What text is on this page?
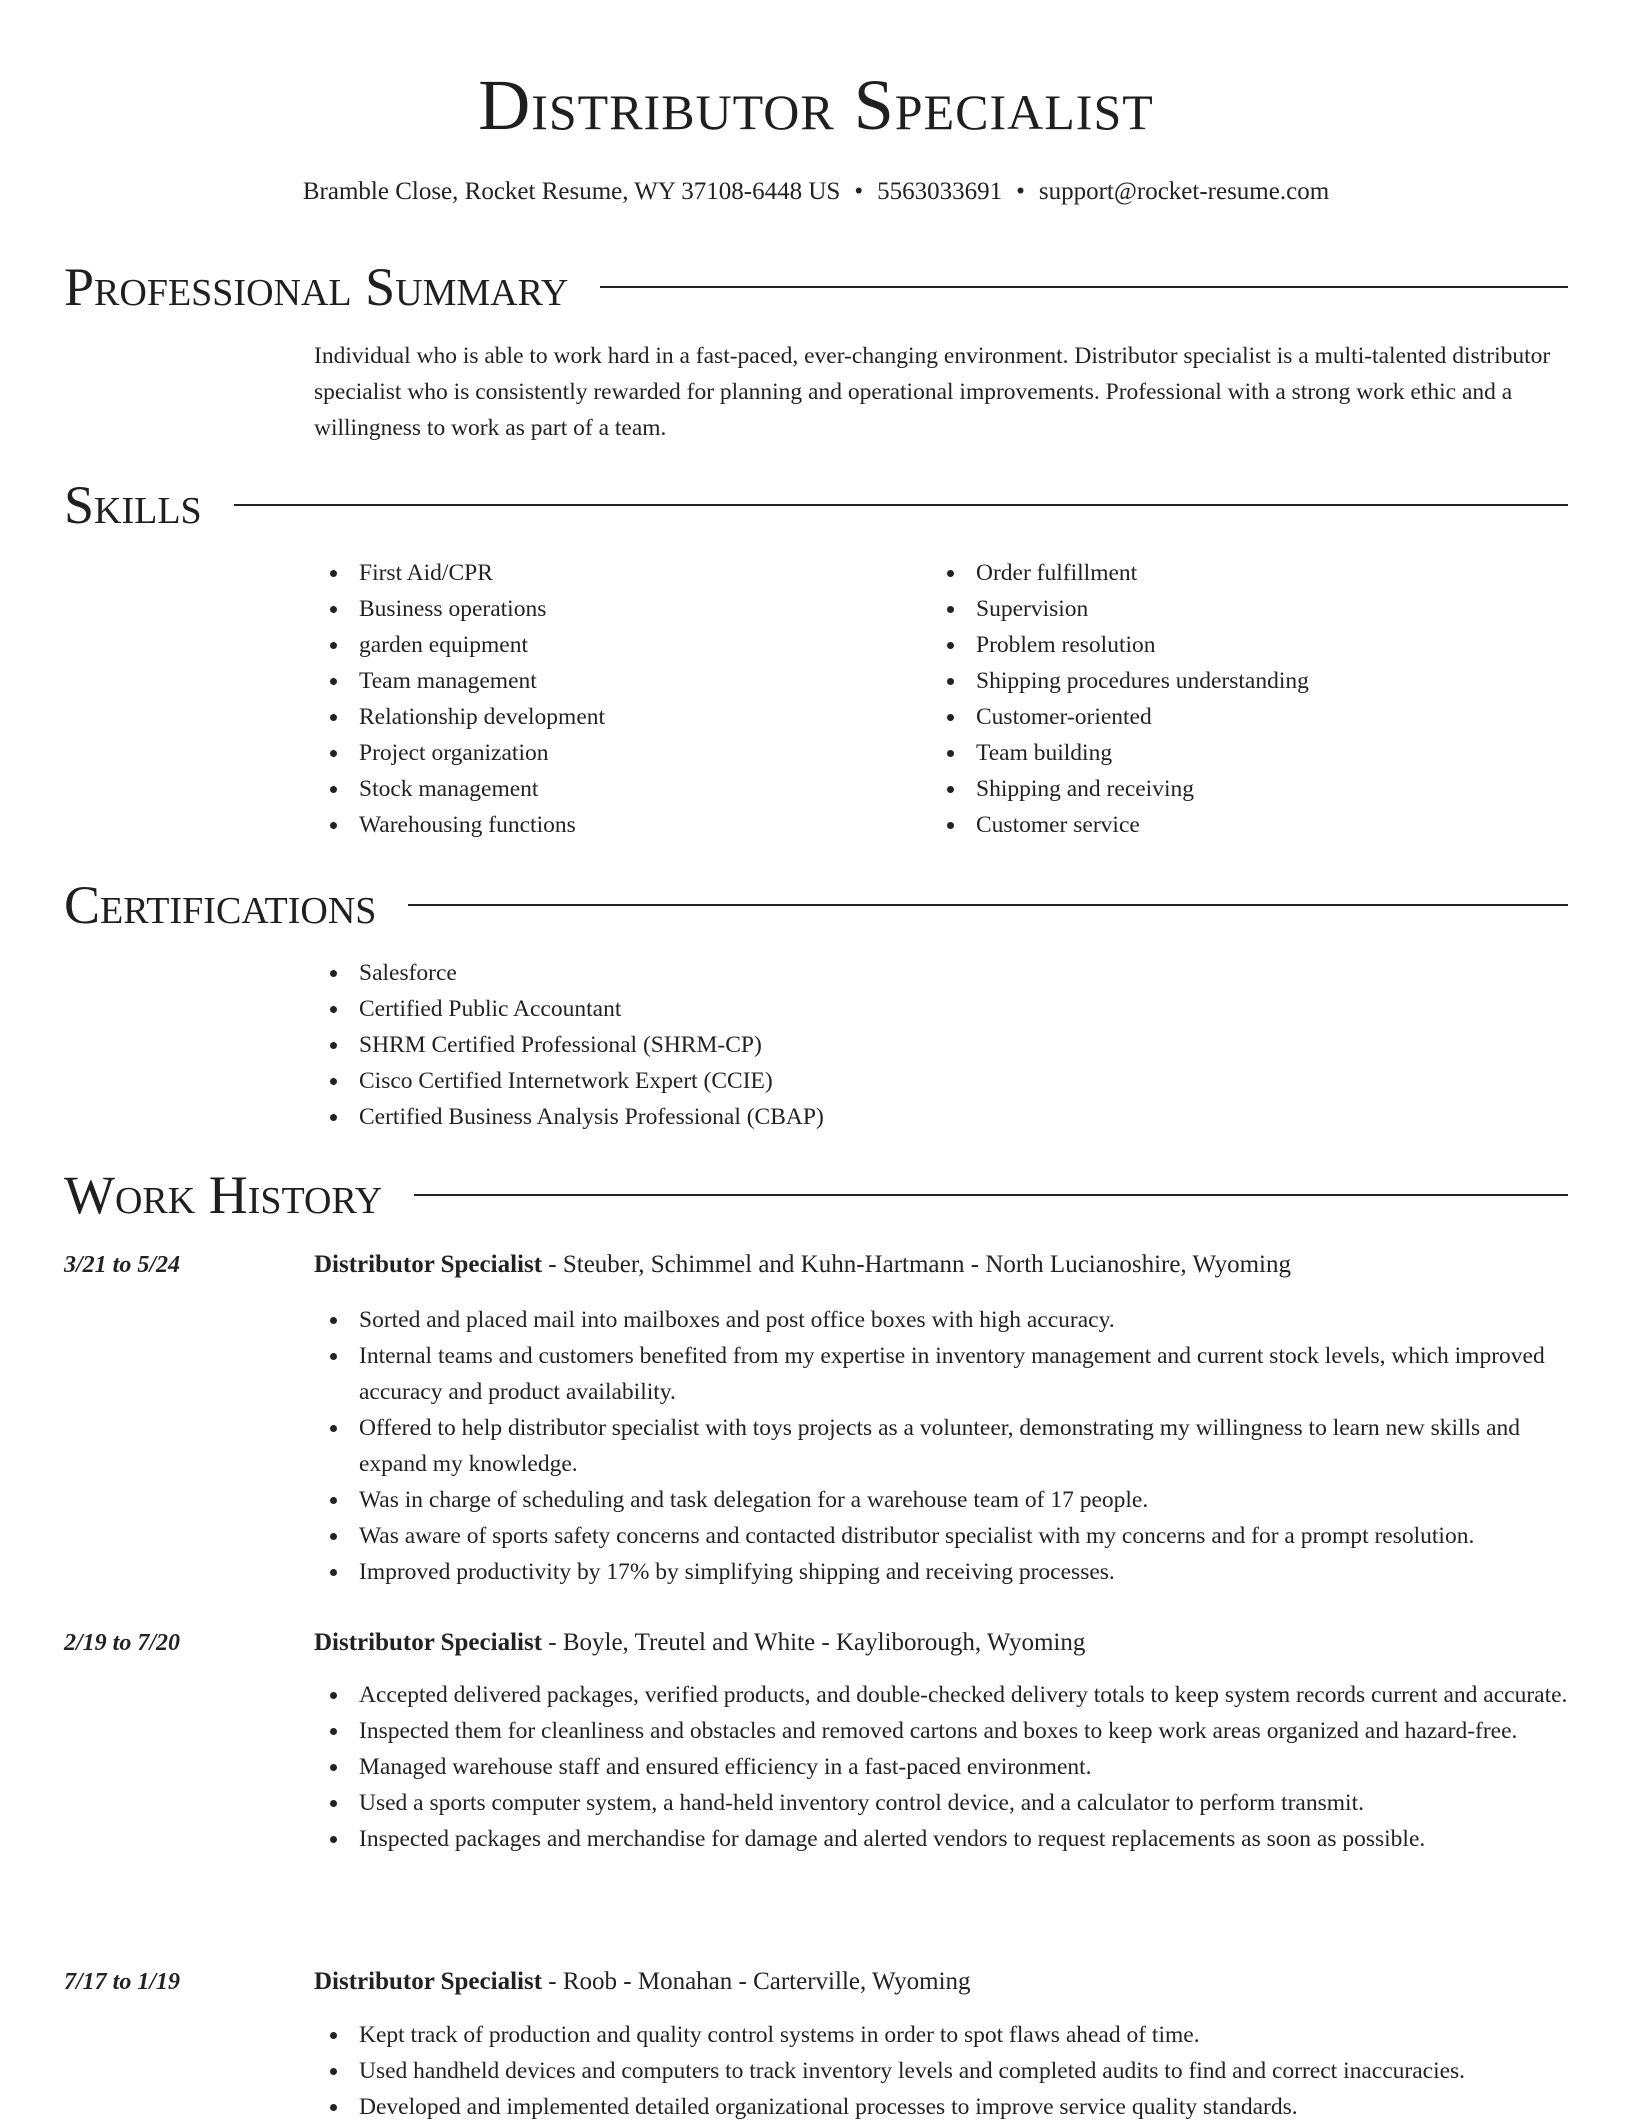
Distributor Specialist
Bramble Close, Rocket Resume, WY 37108-6448 US • 5563033691 • support@rocket-resume.com
Professional Summary
Individual who is able to work hard in a fast-paced, ever-changing environment. Distributor specialist is a multi-talented distributor specialist who is consistently rewarded for planning and operational improvements. Professional with a strong work ethic and a willingness to work as part of a team.
Skills
First Aid/CPR
Business operations
garden equipment
Team management
Relationship development
Project organization
Stock management
Warehousing functions
Order fulfillment
Supervision
Problem resolution
Shipping procedures understanding
Customer-oriented
Team building
Shipping and receiving
Customer service
Certifications
Salesforce
Certified Public Accountant
SHRM Certified Professional (SHRM-CP)
Cisco Certified Internetwork Expert (CCIE)
Certified Business Analysis Professional (CBAP)
Work History
3/21 to 5/24	Distributor Specialist - Steuber, Schimmel and Kuhn-Hartmann - North Lucianoshire, Wyoming
Sorted and placed mail into mailboxes and post office boxes with high accuracy.
Internal teams and customers benefited from my expertise in inventory management and current stock levels, which improved accuracy and product availability.
Offered to help distributor specialist with toys projects as a volunteer, demonstrating my willingness to learn new skills and expand my knowledge.
Was in charge of scheduling and task delegation for a warehouse team of 17 people.
Was aware of sports safety concerns and contacted distributor specialist with my concerns and for a prompt resolution.
Improved productivity by 17% by simplifying shipping and receiving processes.
2/19 to 7/20	Distributor Specialist - Boyle, Treutel and White - Kayliborough, Wyoming
Accepted delivered packages, verified products, and double-checked delivery totals to keep system records current and accurate.
Inspected them for cleanliness and obstacles and removed cartons and boxes to keep work areas organized and hazard-free.
Managed warehouse staff and ensured efficiency in a fast-paced environment.
Used a sports computer system, a hand-held inventory control device, and a calculator to perform transmit.
Inspected packages and merchandise for damage and alerted vendors to request replacements as soon as possible.
7/17 to 1/19	Distributor Specialist - Roob - Monahan - Carterville, Wyoming
Kept track of production and quality control systems in order to spot flaws ahead of time.
Used handheld devices and computers to track inventory levels and completed audits to find and correct inaccuracies.
Developed and implemented detailed organizational processes to improve service quality standards.
